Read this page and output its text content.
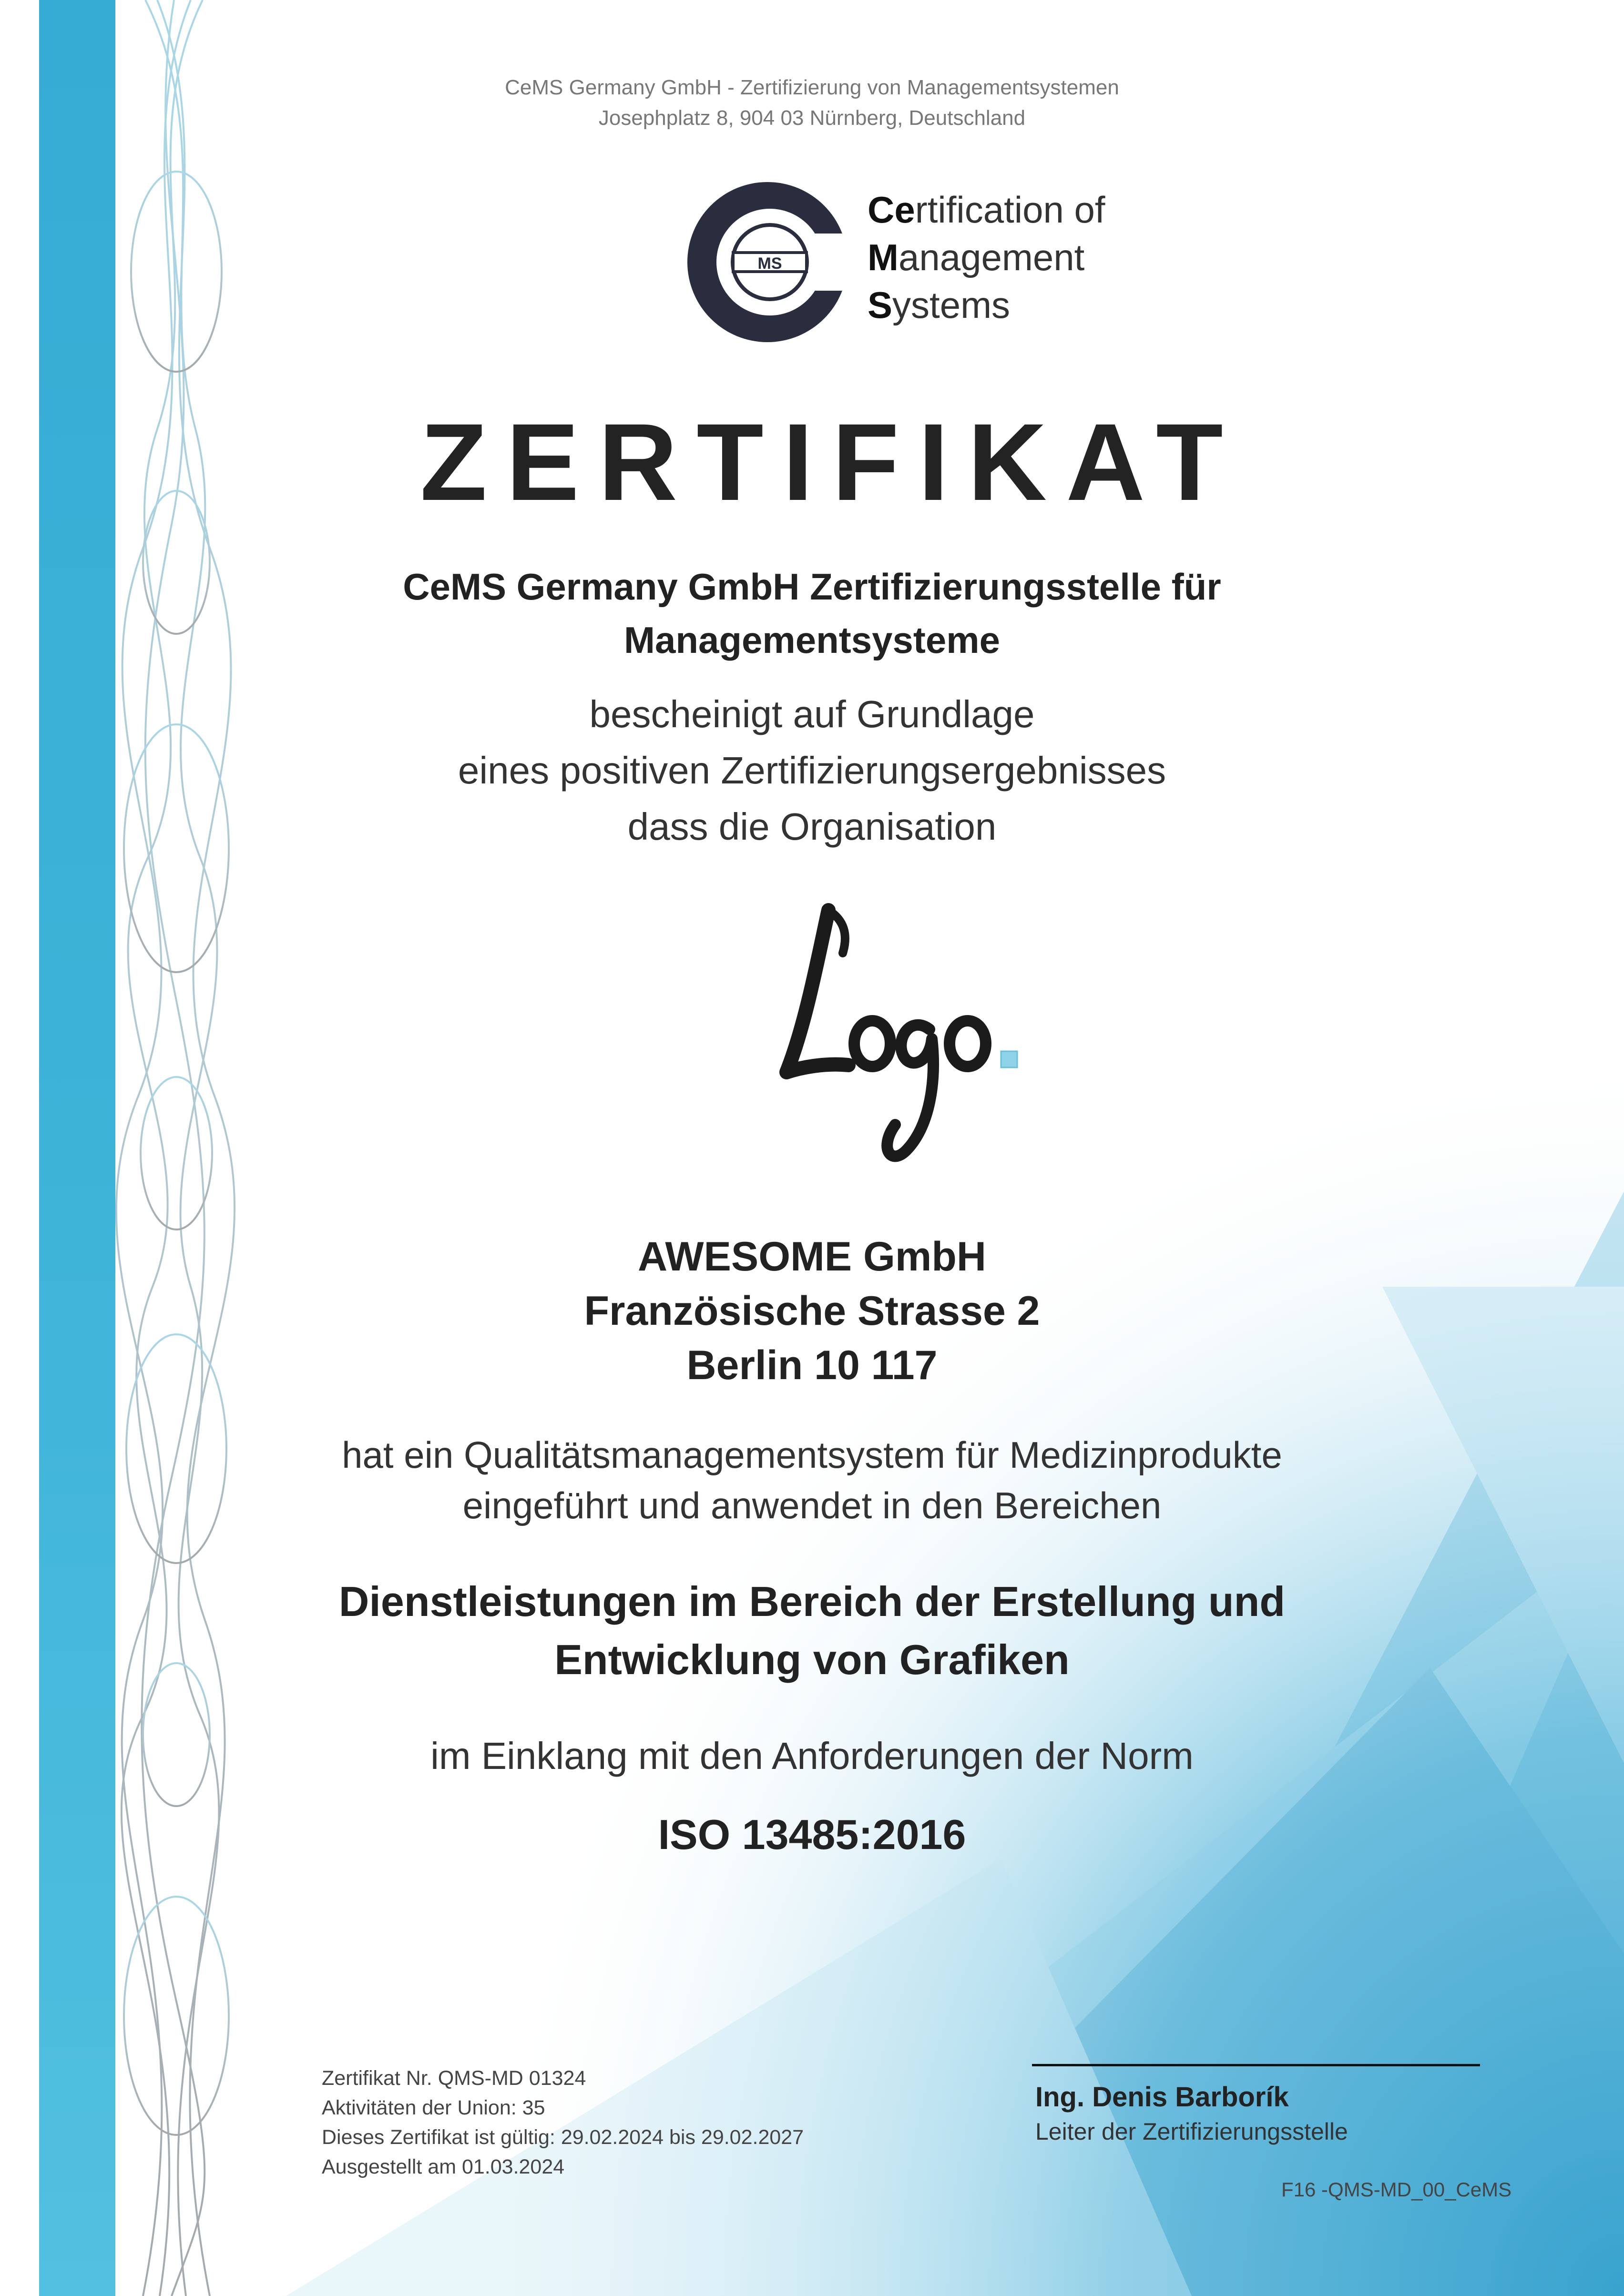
CeMS Germany GmbH - Zertifizierung von Managementsystemen
Josephplatz 8, 904 03 Nürnberg, Deutschland
MS
Certification of
Management
Systems
ZERTIFIKAT
CeMS Germany GmbH Zertifizierungsstelle für
Managementsysteme
bescheinigt auf Grundlage
eines positiven Zertifizierungsergebnisses
dass die Organisation
AWESOME GmbH
Französische Strasse 2
Berlin 10 117
hat ein Qualitätsmanagementsystem für Medizinprodukte
eingeführt und anwendet in den Bereichen
Dienstleistungen im Bereich der Erstellung und
Entwicklung von Grafiken
im Einklang mit den Anforderungen der Norm
ISO 13485:2016
Zertifikat Nr. QMS-MD 01324
Aktivitäten der Union: 35
Dieses Zertifikat ist gültig: 29.02.2024 bis 29.02.2027
Ausgestellt am 01.03.2024
Ing. Denis Barborík
Leiter der Zertifizierungsstelle
F16 -QMS-MD_00_CeMS
